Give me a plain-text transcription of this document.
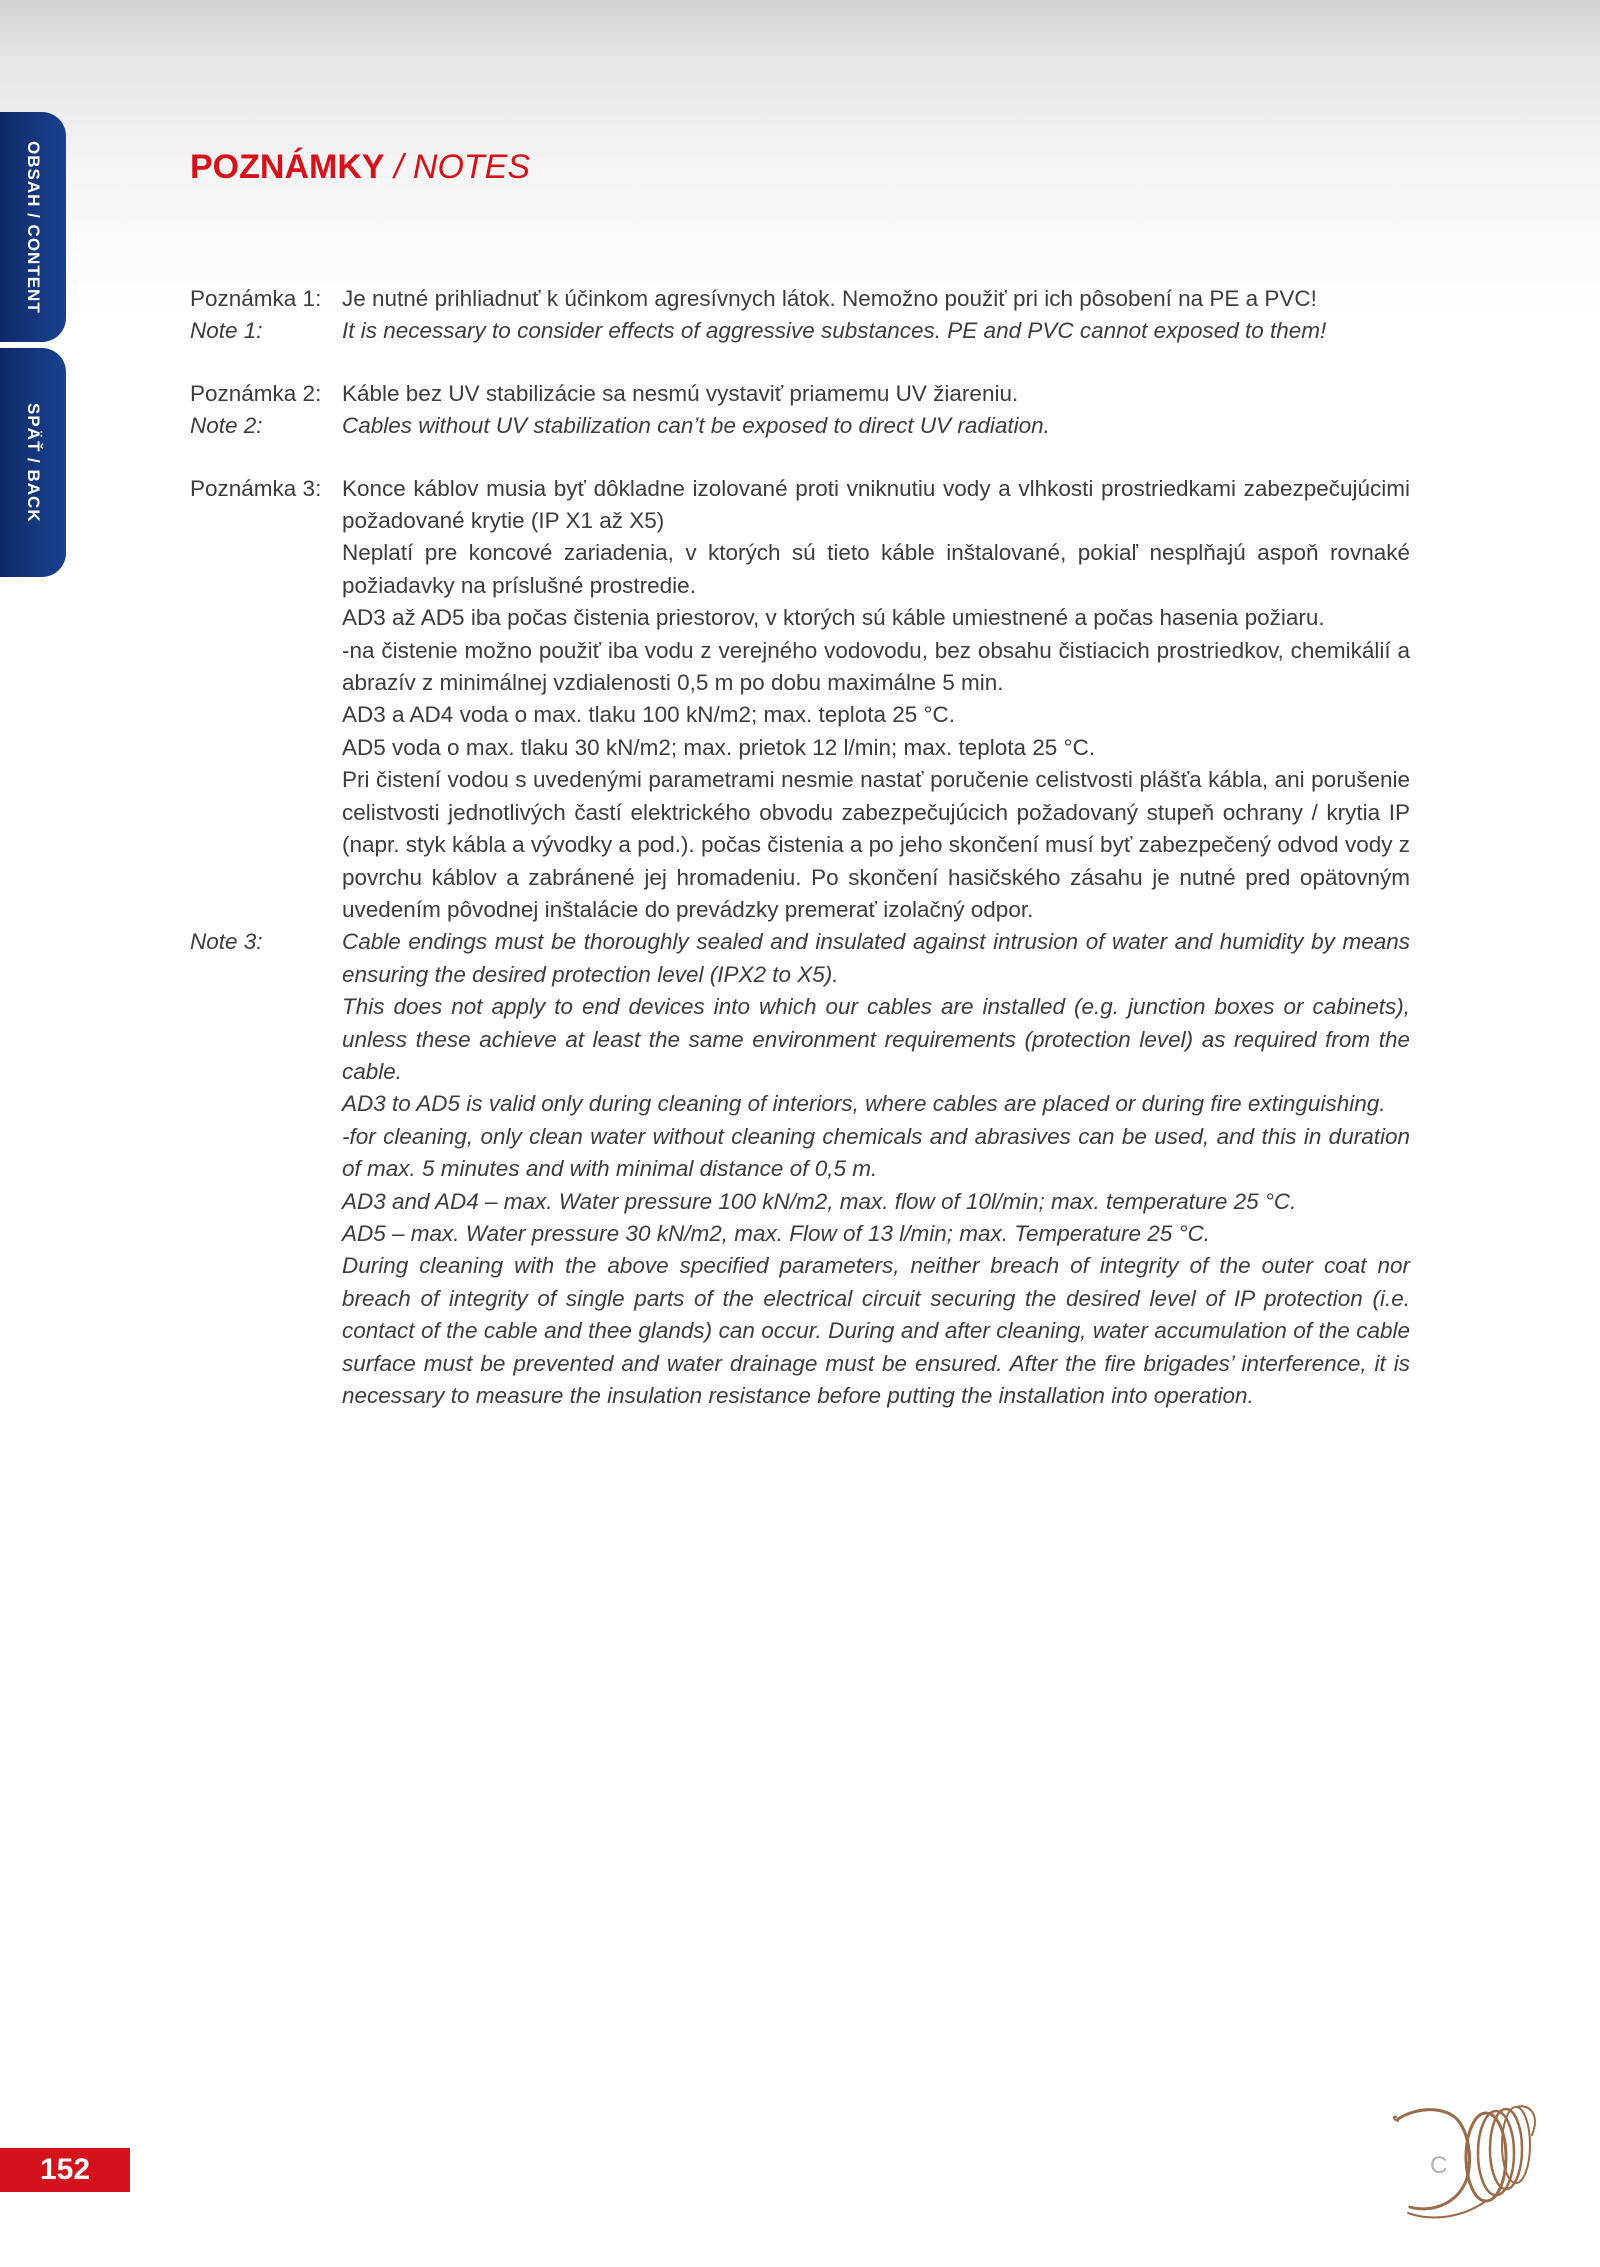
OBSAH / CONTENT
SPÄŤ / BACK
POZNÁMKY / NOTES
Poznámka 1: Je nutné prihliadnuť k účinkom agresívnych látok. Nemožno použiť pri ich pôsobení na PE a PVC!
Note 1:	It is necessary to consider effects of aggressive substances. PE and PVC cannot exposed to them!
Poznámka 2: Káble bez UV stabilizácie sa nesmú vystaviť priamemu UV žiareniu.
Note 2:	Cables without UV stabilization can’t be exposed to direct UV radiation.
Poznámka 3: Konce káblov musia byť dôkladne izolované proti vniknutiu vody a vlhkosti prostriedkami zabezpečujúcimi požadované krytie (IP X1 až X5)
Neplatí pre koncové zariadenia, v ktorých sú tieto káble inštalované, pokiaľ nesplňajú aspoň rovnaké požiadavky na príslušné prostredie.
AD3 až AD5 iba počas čistenia priestorov, v ktorých sú káble umiestnené a počas hasenia požiaru.
-na čistenie možno použiť iba vodu z verejného vodovodu, bez obsahu čistiacich prostriedkov, chemikálií a abrazív z minimálnej vzdialenosti 0,5 m po dobu maximálne 5 min.
AD3 a AD4 voda o max. tlaku 100 kN/m2; max. teplota 25 °C.
AD5 voda o max. tlaku 30 kN/m2; max. prietok 12 l/min; max. teplota 25 °C.
Pri čistení vodou s uvedenými parametrami nesmie nastať poručenie celistvosti plášťa kábla, ani porušenie celistvosti jednotlivých častí elektrického obvodu zabezpečujúcich požadovaný stupeň ochrany / krytia IP (napr. styk kábla a vývodky a pod.). počas čistenia a po jeho skončení musí byť zabezpečený odvod vody z povrchu káblov a zabránené jej hromadeniu. Po skončení hasičského zásahu je nutné pred opätovným uvedením pôvodnej inštalácie do prevádzky premerať izolačný odpor.
Note 3:	Cable endings must be thoroughly sealed and insulated against intrusion of water and humidity by means ensuring the desired protection level (IPX2 to X5).
This does not apply to end devices into which our cables are installed (e.g. junction boxes or cabinets), unless these achieve at least the same environment requirements (protection level) as required from the cable.
AD3 to AD5 is valid only during cleaning of interiors, where cables are placed or during fire extinguishing.
-for cleaning, only clean water without cleaning chemicals and abrasives can be used, and this in duration of max. 5 minutes and with minimal distance of 0,5 m.
AD3 and AD4 – max. Water pressure 100 kN/m2, max. flow of 10l/min; max. temperature 25 °C.
AD5 – max. Water pressure 30 kN/m2, max. Flow of 13 l/min; max. Temperature 25 °C.
During cleaning with the above specified parameters, neither breach of integrity of the outer coat nor breach of integrity of single parts of the electrical circuit securing the desired level of IP protection (i.e. contact of the cable and thee glands) can occur. During and after cleaning, water accumulation of the cable surface must be prevented and water drainage must be ensured. After the fire brigades’ interference, it is necessary to measure the insulation resistance before putting the installation into operation.
152	C
